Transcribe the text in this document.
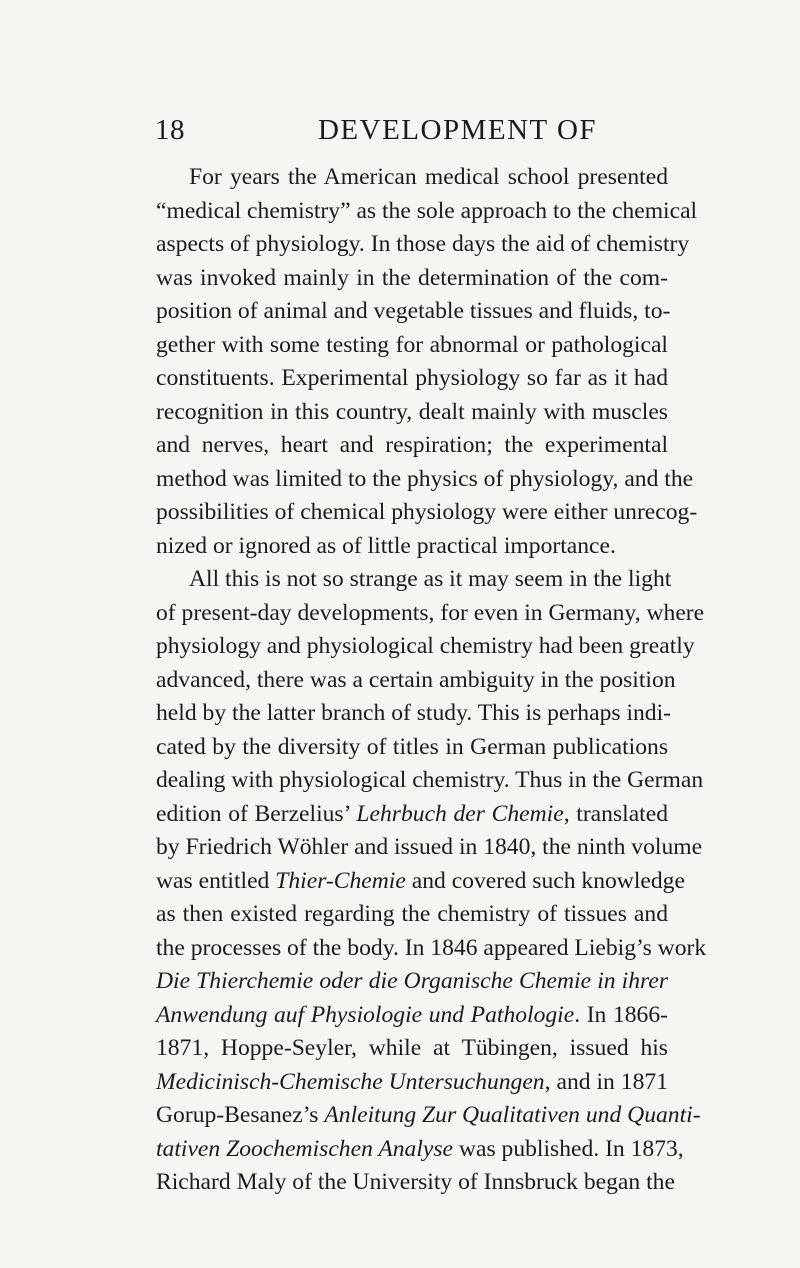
18	DEVELOPMENT OF
For years the American medical school presented
“medical chemistry” as the sole approach to the chemical
aspects of physiology. In those days the aid of chemistry
was invoked mainly in the determination of the com-
position of animal and vegetable tissues and fluids, to-
gether with some testing for abnormal or pathological
constituents. Experimental physiology so far as it had
recognition in this country, dealt mainly with muscles
and nerves, heart and respiration; the experimental
method was limited to the physics of physiology, and the
possibilities of chemical physiology were either unrecog-
nized or ignored as of little practical importance.
All this is not so strange as it may seem in the light
of present-day developments, for even in Germany, where
physiology and physiological chemistry had been greatly
advanced, there was a certain ambiguity in the position
held by the latter branch of study. This is perhaps indi-
cated by the diversity of titles in German publications
dealing with physiological chemistry. Thus in the German
edition of Berzelius’ Lehrbuch der Chemie, translated
by Friedrich Wöhler and issued in 1840, the ninth volume
was entitled Thier-Chemie and covered such knowledge
as then existed regarding the chemistry of tissues and
the processes of the body. In 1846 appeared Liebig’s work
Die Thierchemie oder die Organische Chemie in ihrer
Anwendung auf Physiologie und Pathologie. In 1866-
1871, Hoppe-Seyler, while at Tübingen, issued his
Medicinisch-Chemische Untersuchungen, and in 1871
Gorup-Besanez’s Anleitung Zur Qualitativen und Quanti-
tativen Zoochemischen Analyse was published. In 1873,
Richard Maly of the University of Innsbruck began the
